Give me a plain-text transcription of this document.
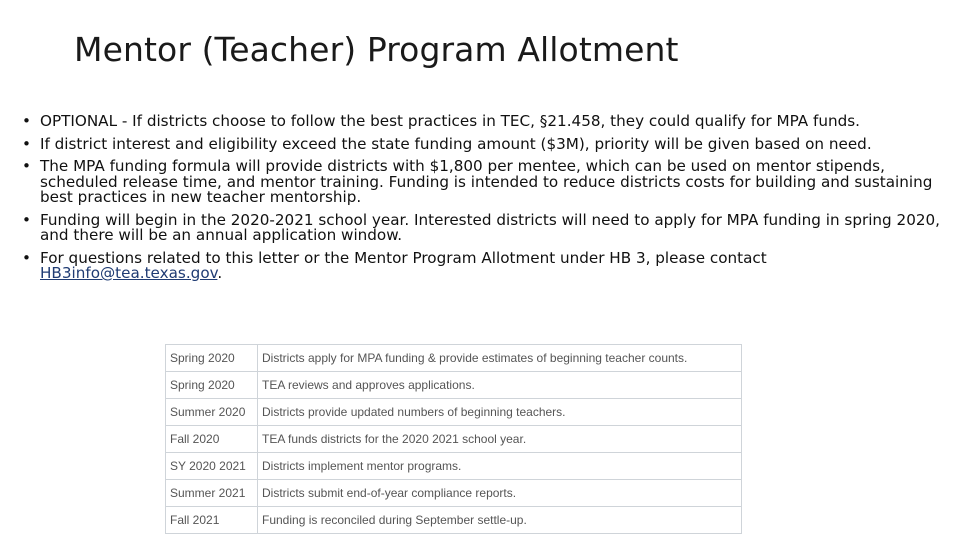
Mentor (Teacher) Program Allotment
• OPTIONAL - If districts choose to follow the best practices in TEC, §21.458, they could qualify for MPA funds.
• If district interest and eligibility exceed the state funding amount ($3M), priority will be given based on need.
• The MPA funding formula will provide districts with $1,800 per mentee, which can be used on mentor stipends, scheduled release time, and mentor training. Funding is intended to reduce districts costs for building and sustaining best practices in new teacher mentorship.
• Funding will begin in the 2020-2021 school year. Interested districts will need to apply for MPA funding in spring 2020, and there will be an annual application window.
• For questions related to this letter or the Mentor Program Allotment under HB 3, please contact HB3info@tea.texas.gov.
Spring 2020	Districts apply for MPA funding & provide estimates of beginning teacher counts.
Spring 2020	TEA reviews and approves applications.
Summer 2020	Districts provide updated numbers of beginning teachers.
Fall 2020	TEA funds districts for the 2020 2021 school year.
SY 2020 2021	Districts implement mentor programs.
Summer 2021	Districts submit end-of-year compliance reports.
Fall 2021	Funding is reconciled during September settle-up.
